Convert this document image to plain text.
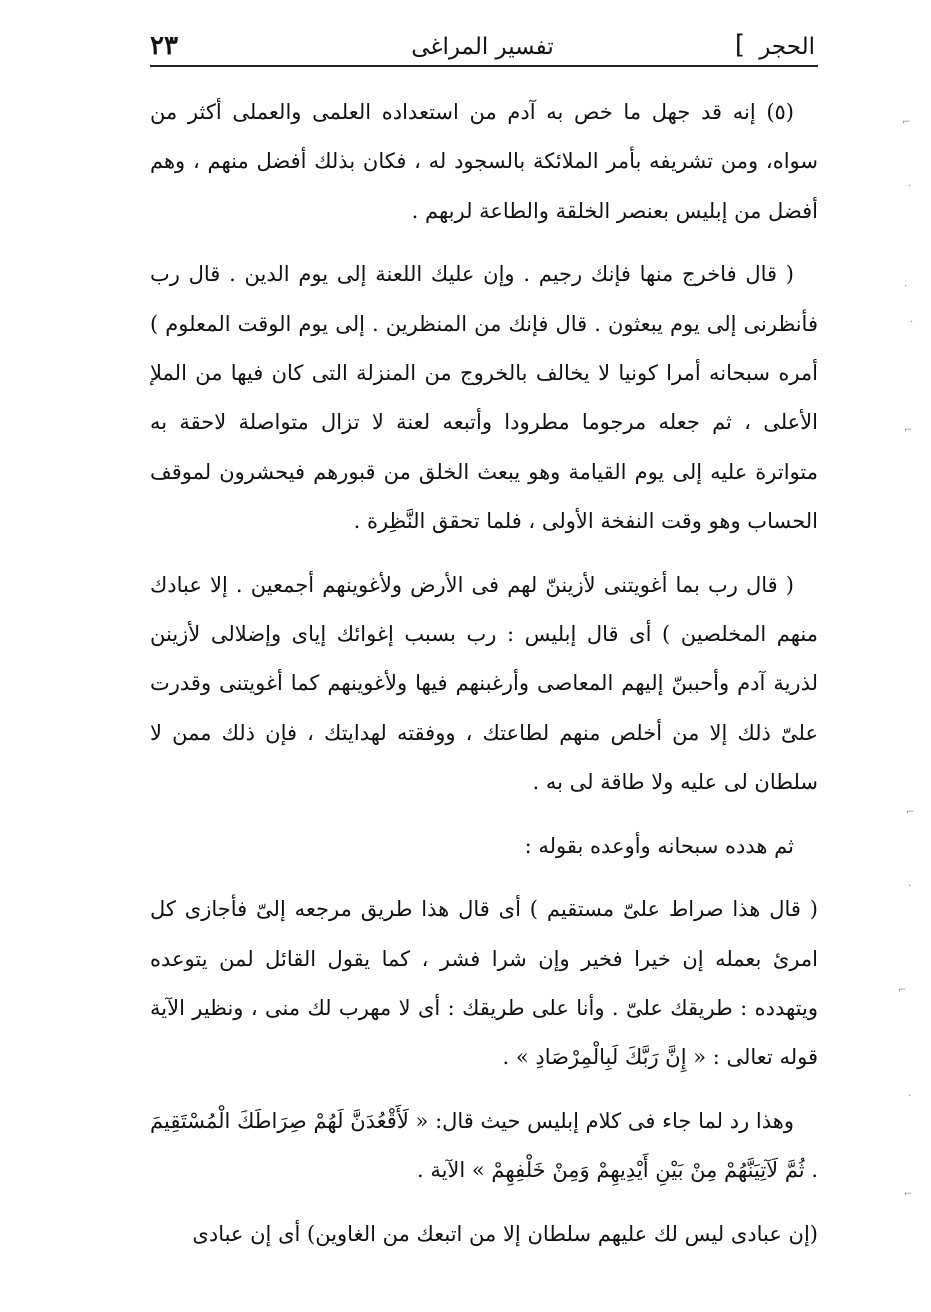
الحجر
]
تفسير المراغى
٢٣

(٥) إنه قد جهل ما خص به آدم من استعداده العلمى والعملى أكثر من سواه، ومن تشريفه بأمر الملائكة بالسجود له ، فكان بذلك أفضل منهم ، وهم أفضل من إبليس بعنصر الخلقة والطاعة لربهم .

( قال فاخرج منها فإنك رجيم . وإن عليك اللعنة إلى يوم الدين . قال رب فأنظرنى إلى يوم يبعثون . قال فإنك من المنظرين . إلى يوم الوقت المعلوم ) أمره سبحانه أمرا كونيا لا يخالف بالخروج من المنزلة التى كان فيها من الملإ الأعلى ، ثم جعله مرجوما مطرودا وأتبعه لعنة لا تزال متواصلة لاحقة به متواترة عليه إلى يوم القيامة وهو يبعث الخلق من قبورهم فيحشرون لموقف الحساب وهو وقت النفخة الأولى ، فلما تحقق النَّظِرة .

( قال رب بما أغويتنى لأزيننّ لهم فى الأرض ولأغوينهم أجمعين . إلا عبادك منهم المخلصين ) أى قال إبليس : رب بسبب إغوائك إياى وإضلالى لأزينن لذرية آدم وأحببنّ إليهم المعاصى وأرغبنهم فيها ولأغوينهم كما أغويتنى وقدرت علىّ ذلك إلا من أخلص منهم لطاعتك ، ووفقته لهدايتك ، فإن ذلك ممن لا سلطان لى عليه ولا طاقة لى به .

ثم هدده سبحانه وأوعده بقوله :

( قال هذا صراط علىّ مستقيم ) أى قال هذا طريق مرجعه إلىّ فأجازى كل امرئ بعمله إن خيرا فخير وإن شرا فشر ، كما يقول القائل لمن يتوعده ويتهدده : طريقك علىّ . وأنا على طريقك : أى لا مهرب لك منى ، ونظير الآية قوله تعالى : « إِنَّ رَبَّكَ لَبِالْمِرْصَادِ » .

وهذا رد لما جاء فى كلام إبليس حيث قال: « لَأَقْعُدَنَّ لَهُمْ صِرَاطَكَ الْمُسْتَقِيمَ . ثُمَّ لَآتِيَنَّهُمْ مِنْ بَيْنِ أَيْدِيهِمْ وَمِنْ خَلْفِهِمْ » الآية .

(إن عبادى ليس لك عليهم سلطان إلا من اتبعك من الغاوين) أى إن عبادى

⌐
·
·
·
⌐
⌐
·
⌐
·
⌐
